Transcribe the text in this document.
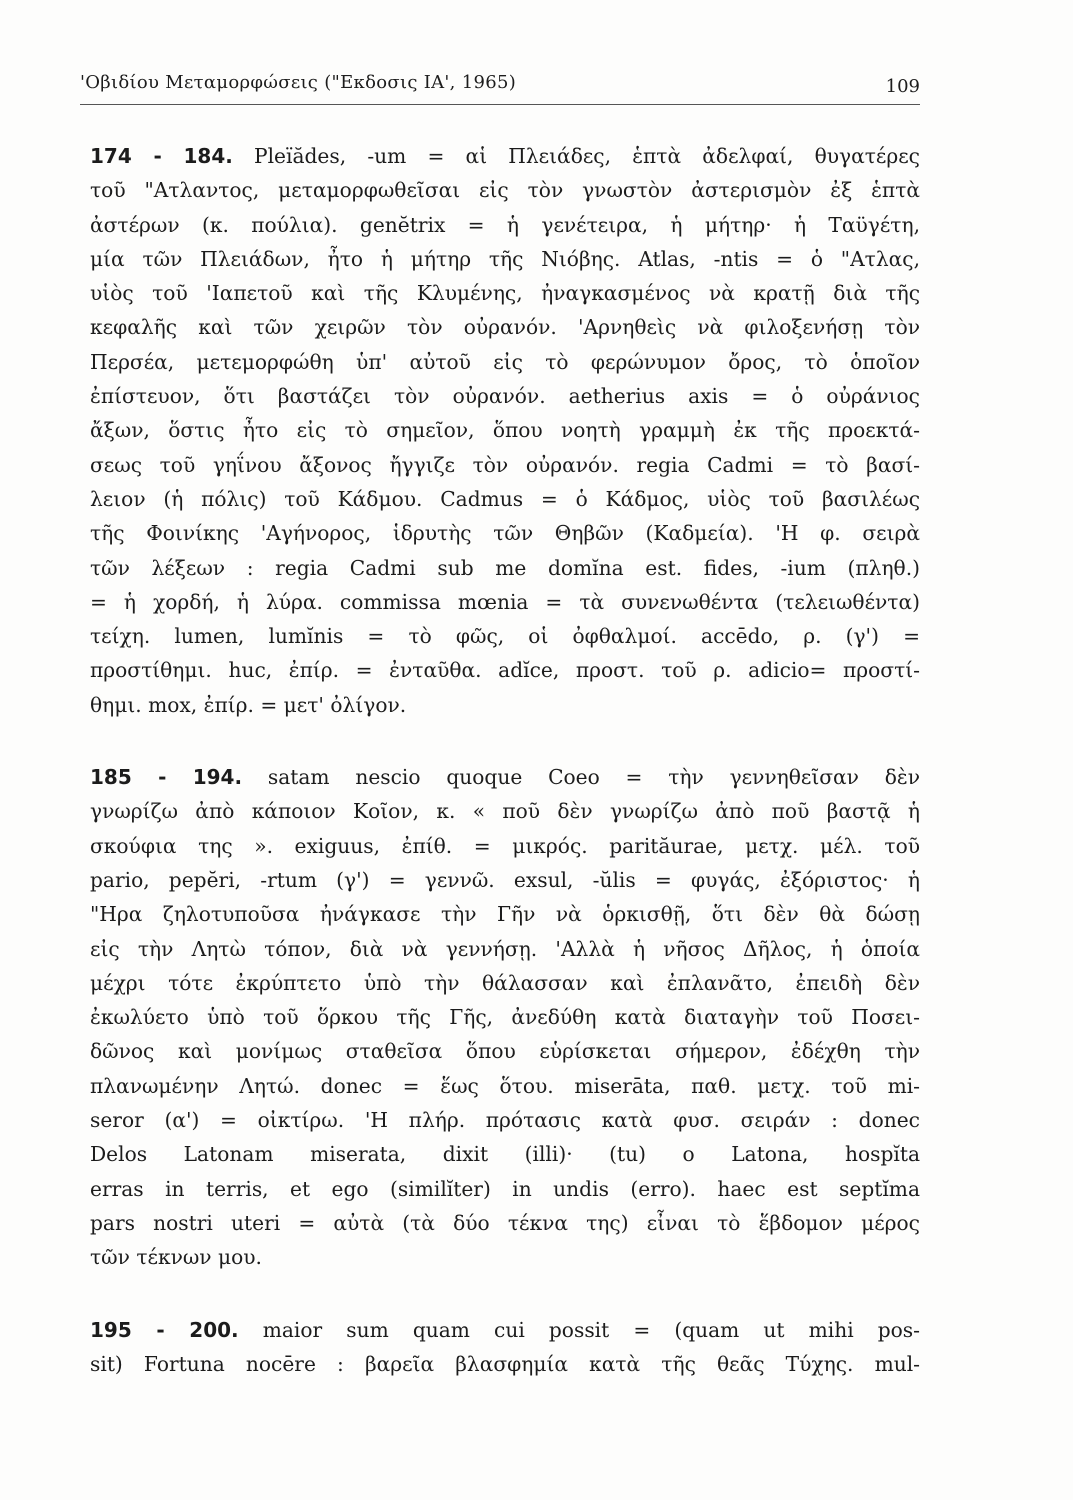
'Οβιδίου Μεταμορφώσεις ("Εκδοσις ΙΑ', 1965)	109

174 - 184. Pleïădes, -um = αἱ Πλειάδες, ἑπτὰ ἀδελφαί, θυγατέρες
τοῦ "Ατλαντος, μεταμορφωθεῖσαι εἰς τὸν γνωστὸν ἀστερισμὸν ἐξ ἑπτὰ
ἀστέρων (κ. πούλια). genĕtrix = ἡ γενέτειρα, ἡ μήτηρ· ἡ Ταϋγέτη,
μία τῶν Πλειάδων, ἦτο ἡ μήτηρ τῆς Νιόβης. Atlas, -ntis = ὁ "Ατλας,
υἱὸς τοῦ 'Ιαπετοῦ καὶ τῆς Κλυμένης, ἠναγκασμένος νὰ κρατῇ διὰ τῆς
κεφαλῆς καὶ τῶν χειρῶν τὸν οὐρανόν. 'Αρνηθεὶς νὰ φιλοξενήσῃ τὸν
Περσέα, μετεμορφώθη ὑπ' αὐτοῦ εἰς τὸ φερώνυμον ὄρος, τὸ ὁποῖον
ἐπίστευον, ὅτι βαστάζει τὸν οὐρανόν. aetherius axis = ὁ οὐράνιος
ἄξων, ὅστις ἦτο εἰς τὸ σημεῖον, ὅπου νοητὴ γραμμὴ ἐκ τῆς προεκτά-
σεως τοῦ γηΐνου ἄξονος ἤγγιζε τὸν οὐρανόν. regia Cadmi = τὸ βασί-
λειον (ἡ πόλις) τοῦ Κάδμου. Cadmus = ὁ Κάδμος, υἱὸς τοῦ βασιλέως
τῆς Φοινίκης 'Αγήνορος, ἱδρυτὴς τῶν Θηβῶν (Καδμεία). 'Η φ. σειρὰ
τῶν λέξεων : regia Cadmi sub me domĭna est. fides, -ium (πληθ.)
= ἡ χορδή, ἡ λύρα. commissa mœnia = τὰ συνενωθέντα (τελειωθέντα)
τείχη. lumen, lumĭnis = τὸ φῶς, οἱ ὀφθαλμοί. accēdo, ρ. (γ') =
προστίθημι. huc, ἐπίρ. = ἐνταῦθα. adĭce, προστ. τοῦ ρ. adicio= προστί-
θημι. mox, ἐπίρ. = μετ' ὀλίγον.

185 - 194. satam nescio quoque Coeo = τὴν γεννηθεῖσαν δὲν
γνωρίζω ἀπὸ κάποιον Κοῖον, κ. « ποῦ δὲν γνωρίζω ἀπὸ ποῦ βαστᾷ ἡ
σκούφια της ». exiguus, ἐπίθ. = μικρός. parităurae, μετχ. μέλ. τοῦ
pario, pepĕri, -rtum (γ') = γεννῶ. exsul, -ŭlis = φυγάς, ἐξόριστος· ἡ
"Ηρα ζηλοτυποῦσα ἠνάγκασε τὴν Γῆν νὰ ὁρκισθῇ, ὅτι δὲν θὰ δώσῃ
εἰς τὴν Λητὼ τόπον, διὰ νὰ γεννήσῃ. 'Αλλὰ ἡ νῆσος Δῆλος, ἡ ὁποία
μέχρι τότε ἐκρύπτετο ὑπὸ τὴν θάλασσαν καὶ ἐπλανᾶτο, ἐπειδὴ δὲν
ἐκωλύετο ὑπὸ τοῦ ὅρκου τῆς Γῆς, ἀνεδύθη κατὰ διαταγὴν τοῦ Ποσει-
δῶνος καὶ μονίμως σταθεῖσα ὅπου εὑρίσκεται σήμερον, ἐδέχθη τὴν
πλανωμένην Λητώ. donec = ἕως ὅτου. miserāta, παθ. μετχ. τοῦ mi-
seror (α') = οἰκτίρω. 'Η πλήρ. πρότασις κατὰ φυσ. σειράν : donec
Delos Latonam miserata, dixit (illi)· (tu) o Latona, hospĭta
erras in terris, et ego (similĭter) in undis (erro). haec est septĭma
pars nostri uteri = αὐτὰ (τὰ δύο τέκνα της) εἶναι τὸ ἕβδομον μέρος
τῶν τέκνων μου.

195 - 200. maior sum quam cui possit = (quam ut mihi pos-
sit) Fortuna nocēre : βαρεῖα βλασφημία κατὰ τῆς θεᾶς Τύχης. mul-
